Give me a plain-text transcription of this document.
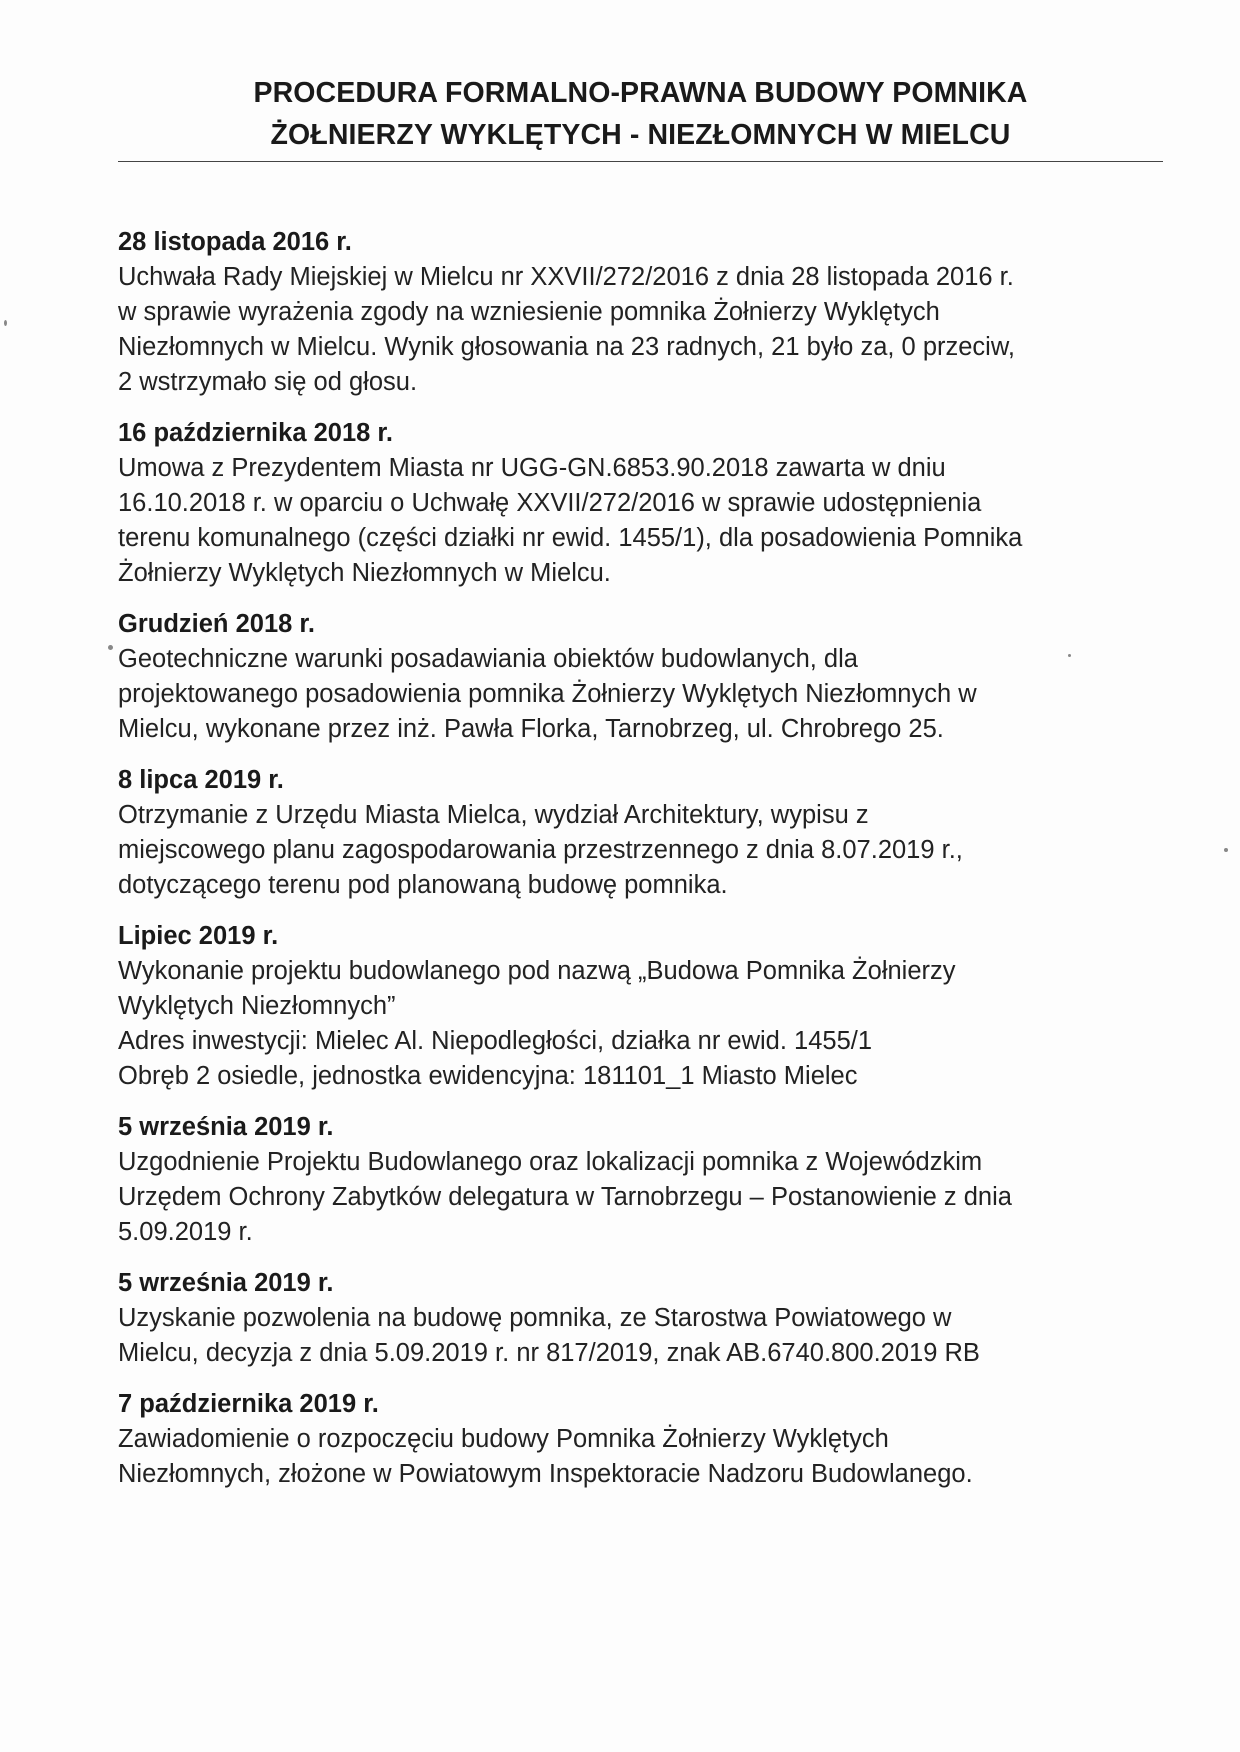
PROCEDURA FORMALNO-PRAWNA BUDOWY POMNIKA
ŻOŁNIERZY WYKLĘTYCH - NIEZŁOMNYCH W MIELCU
28 listopada 2016 r.
Uchwała Rady Miejskiej w Mielcu nr XXVII/272/2016 z dnia 28 listopada 2016 r.
w sprawie wyrażenia zgody na wzniesienie pomnika Żołnierzy Wyklętych
Niezłomnych w Mielcu. Wynik głosowania na 23 radnych, 21 było za, 0 przeciw,
2 wstrzymało się od głosu.
16 października 2018 r.
Umowa z Prezydentem Miasta nr UGG-GN.6853.90.2018 zawarta w dniu
16.10.2018 r. w oparciu o Uchwałę XXVII/272/2016 w sprawie udostępnienia
terenu komunalnego (części działki nr ewid. 1455/1), dla posadowienia Pomnika
Żołnierzy Wyklętych Niezłomnych w Mielcu.
Grudzień 2018 r.
Geotechniczne warunki posadawiania obiektów budowlanych, dla
projektowanego posadowienia pomnika Żołnierzy Wyklętych Niezłomnych w
Mielcu, wykonane przez inż. Pawła Florka, Tarnobrzeg, ul. Chrobrego 25.
8 lipca 2019 r.
Otrzymanie z Urzędu Miasta Mielca, wydział Architektury, wypisu z
miejscowego planu zagospodarowania przestrzennego z dnia 8.07.2019 r.,
dotyczącego terenu pod planowaną budowę pomnika.
Lipiec 2019 r.
Wykonanie projektu budowlanego pod nazwą „Budowa Pomnika Żołnierzy
Wyklętych Niezłomnych”
Adres inwestycji: Mielec Al. Niepodległości, działka nr ewid. 1455/1
Obręb 2 osiedle, jednostka ewidencyjna: 181101_1 Miasto Mielec
5 września 2019 r.
Uzgodnienie Projektu Budowlanego oraz lokalizacji pomnika z Wojewódzkim
Urzędem Ochrony Zabytków delegatura w Tarnobrzegu – Postanowienie z dnia
5.09.2019 r.
5 września 2019 r.
Uzyskanie pozwolenia na budowę pomnika, ze Starostwa Powiatowego w
Mielcu, decyzja z dnia 5.09.2019 r. nr 817/2019, znak AB.6740.800.2019 RB
7 października 2019 r.
Zawiadomienie o rozpoczęciu budowy Pomnika Żołnierzy Wyklętych
Niezłomnych, złożone w Powiatowym Inspektoracie Nadzoru Budowlanego.
